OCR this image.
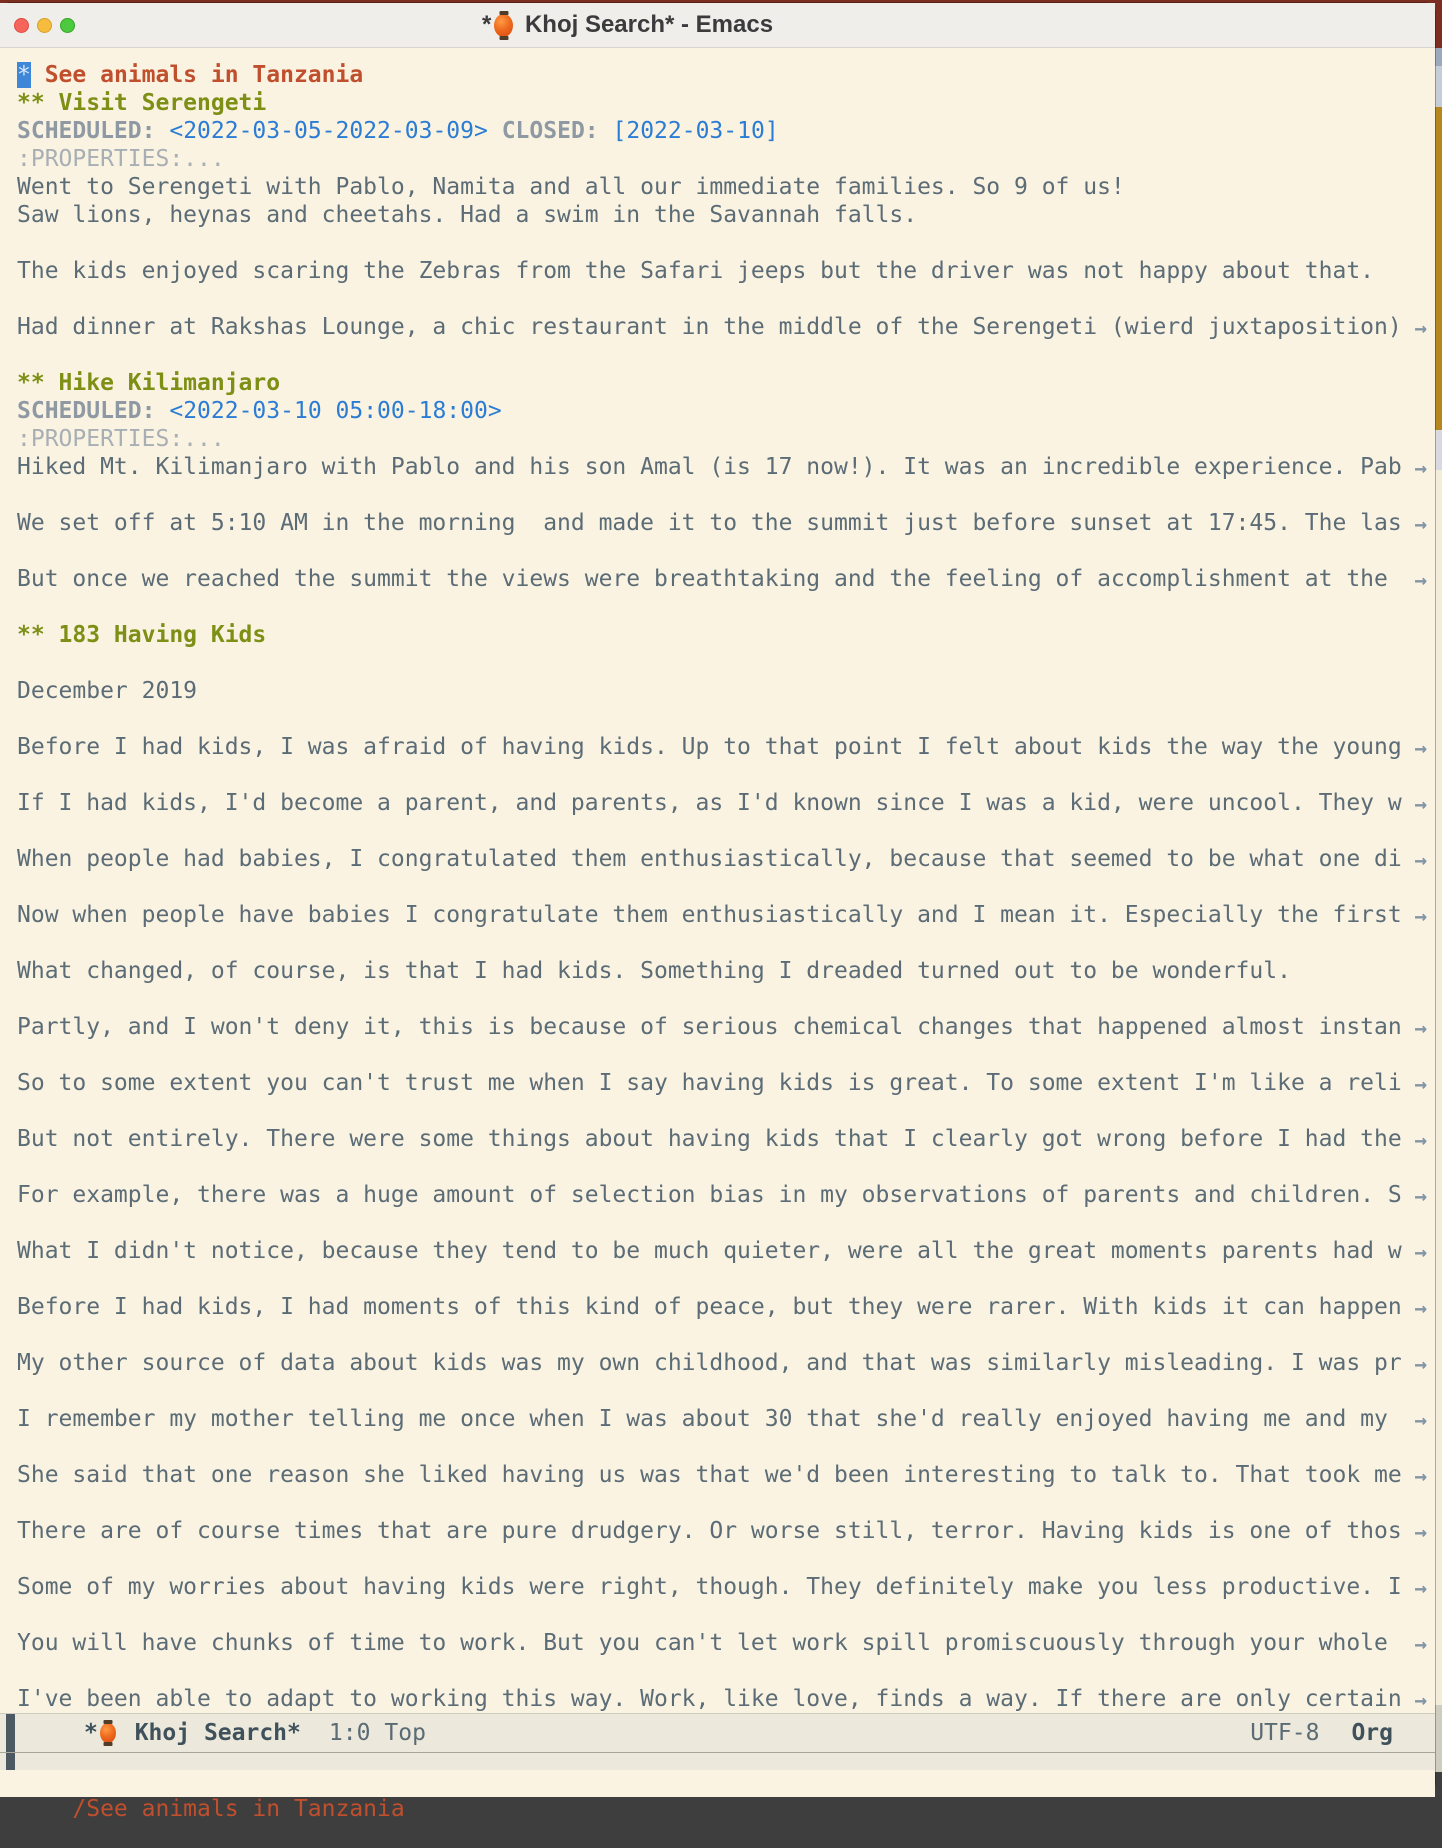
* Khoj Search* - Emacs
* See animals in Tanzania
** Visit Serengeti
SCHEDULED: <2022-03-05-2022-03-09> CLOSED: [2022-03-10]
:PROPERTIES:...
Went to Serengeti with Pablo, Namita and all our immediate families. So 9 of us!
Saw lions, heynas and cheetahs. Had a swim in the Savannah falls.
The kids enjoyed scaring the Zebras from the Safari jeeps but the driver was not happy about that.
Had dinner at Rakshas Lounge, a chic restaurant in the middle of the Serengeti (wierd juxtaposition) →
** Hike Kilimanjaro
SCHEDULED: <2022-03-10 05:00-18:00>
:PROPERTIES:...
Hiked Mt. Kilimanjaro with Pablo and his son Amal (is 17 now!). It was an incredible experience. Pab →
We set off at 5:10 AM in the morning  and made it to the summit just before sunset at 17:45. The las →
But once we reached the summit the views were breathtaking and the feeling of accomplishment at the →
** 183 Having Kids
December 2019
Before I had kids, I was afraid of having kids. Up to that point I felt about kids the way the young →
If I had kids, I'd become a parent, and parents, as I'd known since I was a kid, were uncool. They w →
When people had babies, I congratulated them enthusiastically, because that seemed to be what one di →
Now when people have babies I congratulate them enthusiastically and I mean it. Especially the first →
What changed, of course, is that I had kids. Something I dreaded turned out to be wonderful.
Partly, and I won't deny it, this is because of serious chemical changes that happened almost instan →
So to some extent you can't trust me when I say having kids is great. To some extent I'm like a reli →
But not entirely. There were some things about having kids that I clearly got wrong before I had the →
For example, there was a huge amount of selection bias in my observations of parents and children. S →
What I didn't notice, because they tend to be much quieter, were all the great moments parents had w →
Before I had kids, I had moments of this kind of peace, but they were rarer. With kids it can happen →
My other source of data about kids was my own childhood, and that was similarly misleading. I was pr →
I remember my mother telling me once when I was about 30 that she'd really enjoyed having me and my →
She said that one reason she liked having us was that we'd been interesting to talk to. That took me →
There are of course times that are pure drudgery. Or worse still, terror. Having kids is one of thos →
Some of my worries about having kids were right, though. They definitely make you less productive. I →
You will have chunks of time to work. But you can't let work spill promiscuously through your whole →
I've been able to adapt to working this way. Work, like love, finds a way. If there are only certain →
* Khoj Search* 1:0 Top	UTF-8 Org

/See animals in Tanzania
